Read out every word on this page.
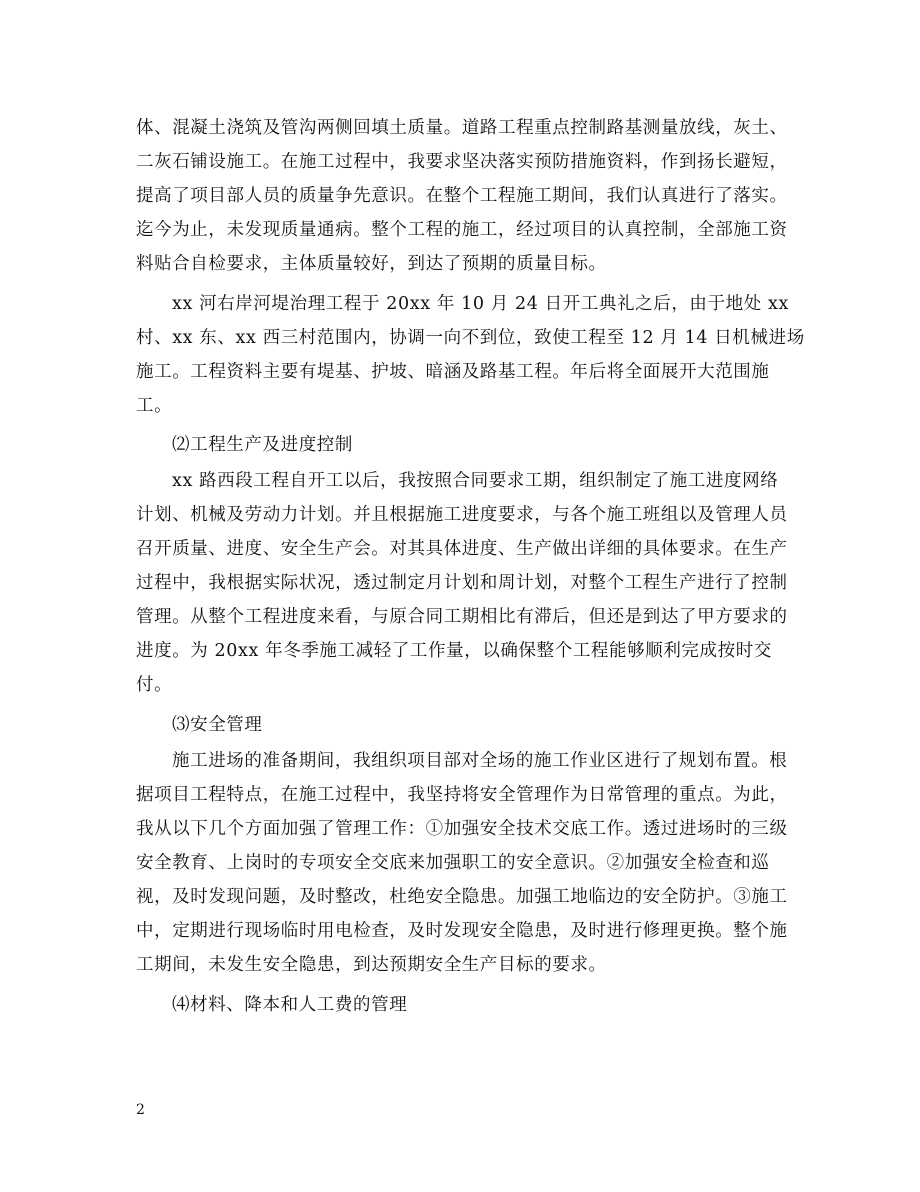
体、混凝土浇筑及管沟两侧回填土质量。道路工程重点控制路基测量放线，灰土、
二灰石铺设施工。在施工过程中，我要求坚决落实预防措施资料，作到扬长避短，
提高了项目部人员的质量争先意识。在整个工程施工期间，我们认真进行了落实。
迄今为止，未发现质量通病。整个工程的施工，经过项目的认真控制，全部施工资
料贴合自检要求，主体质量较好，到达了预期的质量目标。
xx 河右岸河堤治理工程于 20xx 年 10 月 24 日开工典礼之后，由于地处 xx
村、xx 东、xx 西三村范围内，协调一向不到位，致使工程至 12 月 14 日机械进场
施工。工程资料主要有堤基、护坡、暗涵及路基工程。年后将全面展开大范围施
工。
⑵工程生产及进度控制
xx 路西段工程自开工以后，我按照合同要求工期，组织制定了施工进度网络
计划、机械及劳动力计划。并且根据施工进度要求，与各个施工班组以及管理人员
召开质量、进度、安全生产会。对其具体进度、生产做出详细的具体要求。在生产
过程中，我根据实际状况，透过制定月计划和周计划，对整个工程生产进行了控制
管理。从整个工程进度来看，与原合同工期相比有滞后，但还是到达了甲方要求的
进度。为 20xx 年冬季施工减轻了工作量，以确保整个工程能够顺利完成按时交
付。
⑶安全管理
施工进场的准备期间，我组织项目部对全场的施工作业区进行了规划布置。根
据项目工程特点，在施工过程中，我坚持将安全管理作为日常管理的重点。为此，
我从以下几个方面加强了管理工作：①加强安全技术交底工作。透过进场时的三级
安全教育、上岗时的专项安全交底来加强职工的安全意识。②加强安全检查和巡
视，及时发现问题，及时整改，杜绝安全隐患。加强工地临边的安全防护。③施工
中，定期进行现场临时用电检查，及时发现安全隐患，及时进行修理更换。整个施
工期间，未发生安全隐患，到达预期安全生产目标的要求。
⑷材料、降本和人工费的管理
2
